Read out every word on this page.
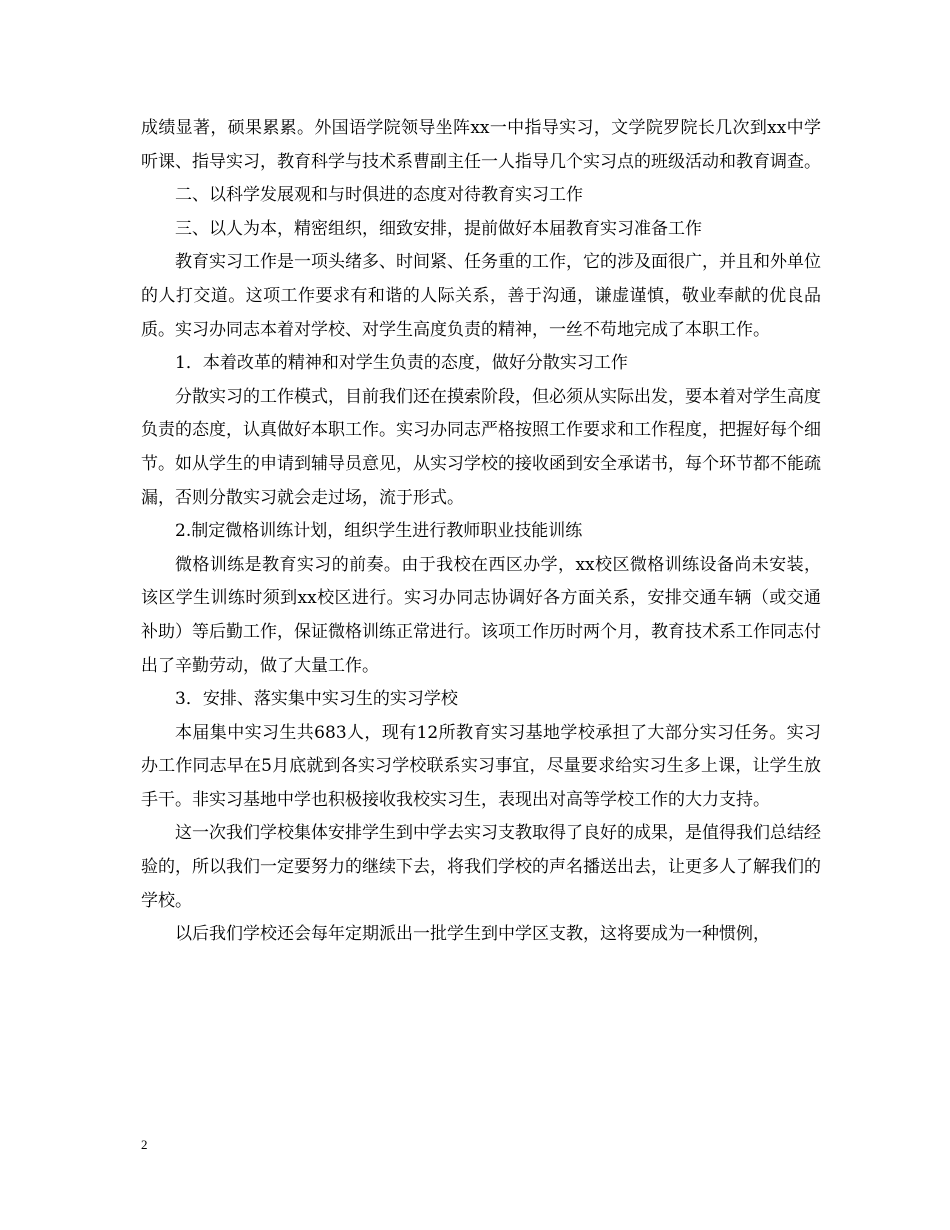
成绩显著，硕果累累。外国语学院领导坐阵xx一中指导实习，文学院罗院长几次到xx中学听课、指导实习，教育科学与技术系曹副主任一人指导几个实习点的班级活动和教育调查。

二、以科学发展观和与时俱进的态度对待教育实习工作

三、以人为本，精密组织，细致安排，提前做好本届教育实习准备工作

教育实习工作是一项头绪多、时间紧、任务重的工作，它的涉及面很广，并且和外单位的人打交道。这项工作要求有和谐的人际关系，善于沟通，谦虚谨慎，敬业奉献的优良品质。实习办同志本着对学校、对学生高度负责的精神，一丝不苟地完成了本职工作。

1．本着改革的精神和对学生负责的态度，做好分散实习工作

分散实习的工作模式，目前我们还在摸索阶段，但必须从实际出发，要本着对学生高度负责的态度，认真做好本职工作。实习办同志严格按照工作要求和工作程度，把握好每个细节。如从学生的申请到辅导员意见，从实习学校的接收函到安全承诺书，每个环节都不能疏漏，否则分散实习就会走过场，流于形式。

2.制定微格训练计划，组织学生进行教师职业技能训练

微格训练是教育实习的前奏。由于我校在西区办学，xx校区微格训练设备尚未安装，该区学生训练时须到xx校区进行。实习办同志协调好各方面关系，安排交通车辆（或交通补助）等后勤工作，保证微格训练正常进行。该项工作历时两个月，教育技术系工作同志付出了辛勤劳动，做了大量工作。

3．安排、落实集中实习生的实习学校

本届集中实习生共683人，现有12所教育实习基地学校承担了大部分实习任务。实习办工作同志早在5月底就到各实习学校联系实习事宜，尽量要求给实习生多上课，让学生放手干。非实习基地中学也积极接收我校实习生，表现出对高等学校工作的大力支持。

这一次我们学校集体安排学生到中学去实习支教取得了良好的成果，是值得我们总结经验的，所以我们一定要努力的继续下去，将我们学校的声名播送出去，让更多人了解我们的学校。

以后我们学校还会每年定期派出一批学生到中学区支教，这将要成为一种惯例，

2
